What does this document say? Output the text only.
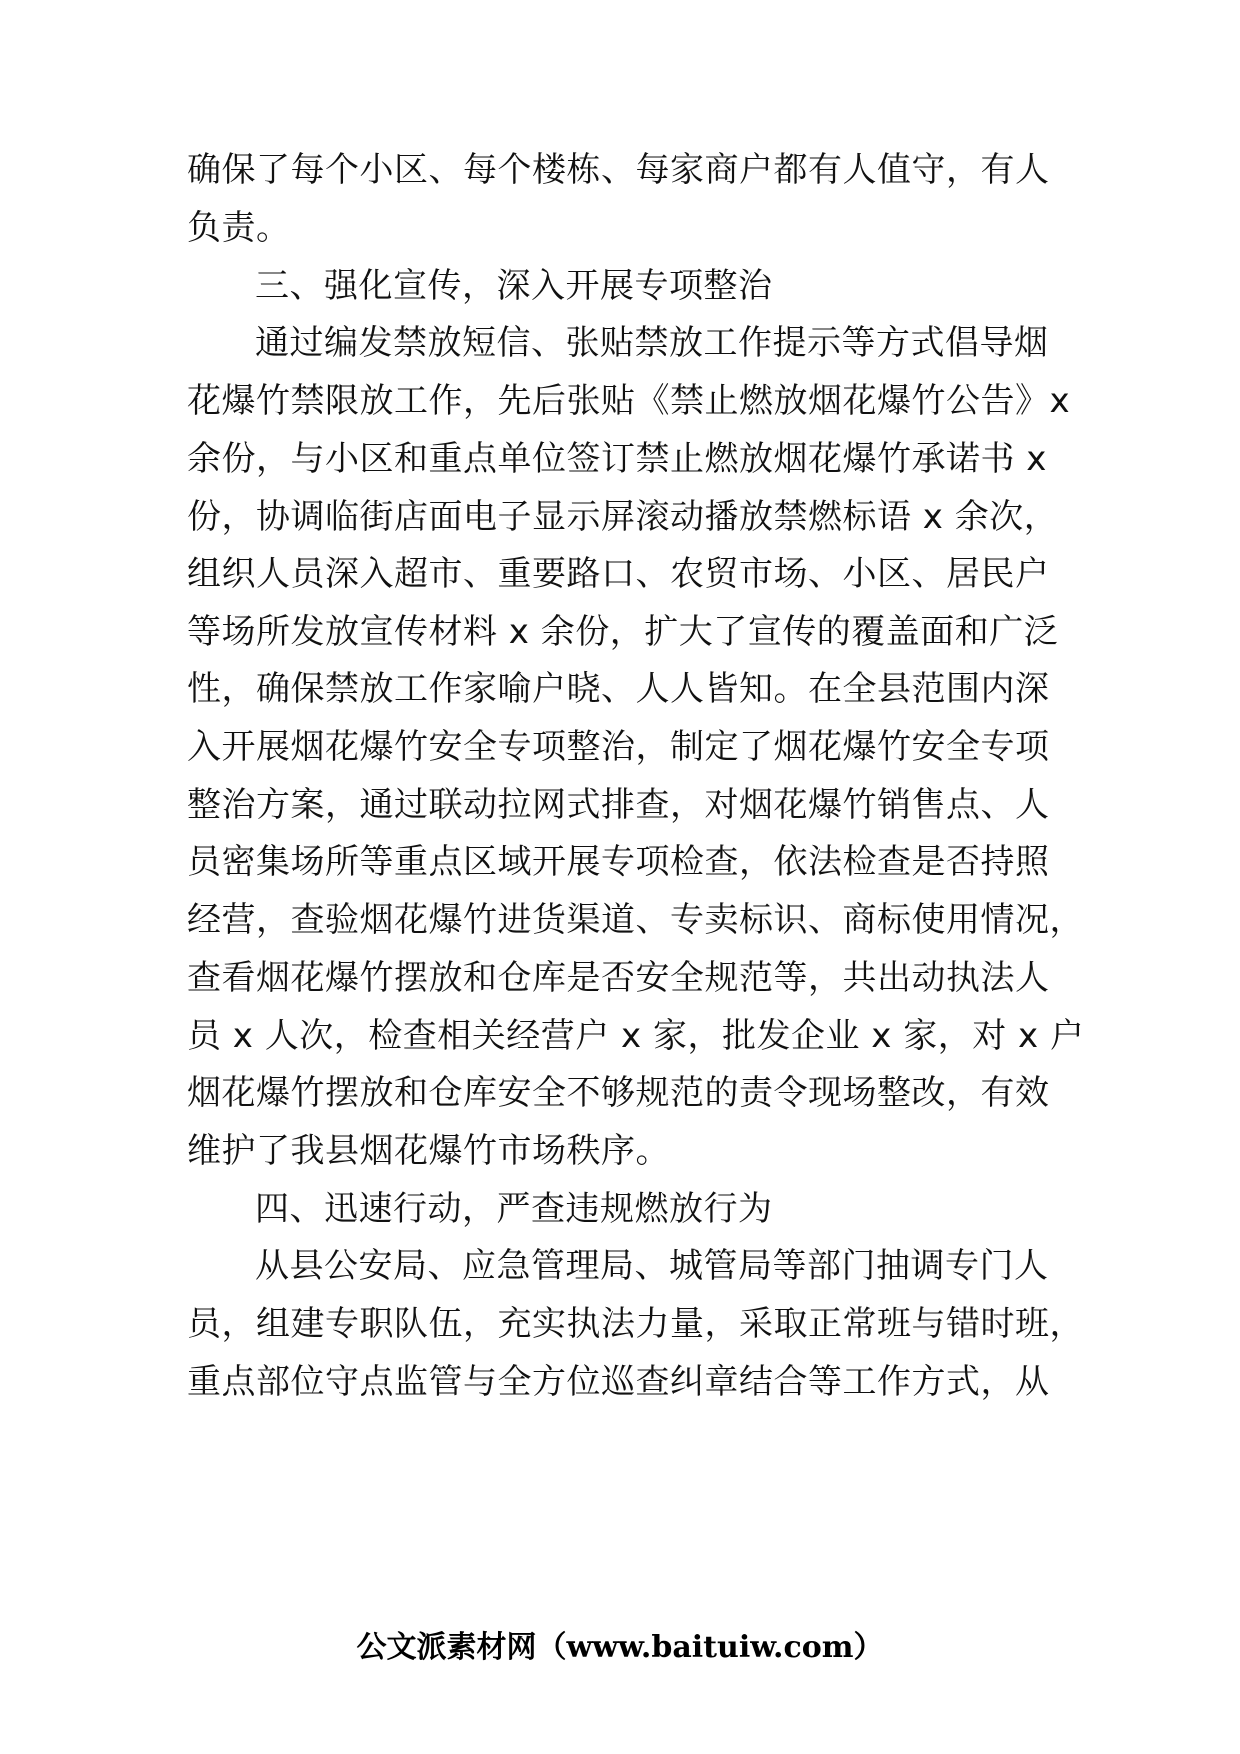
确保了每个小区、每个楼栋、每家商户都有人值守，有人
负责。
三、强化宣传，深入开展专项整治
通过编发禁放短信、张贴禁放工作提示等方式倡导烟
花爆竹禁限放工作，先后张贴《禁止燃放烟花爆竹公告》x
余份，与小区和重点单位签订禁止燃放烟花爆竹承诺书 x
份，协调临街店面电子显示屏滚动播放禁燃标语 x 余次，
组织人员深入超市、重要路口、农贸市场、小区、居民户
等场所发放宣传材料 x 余份，扩大了宣传的覆盖面和广泛
性，确保禁放工作家喻户晓、人人皆知。在全县范围内深
入开展烟花爆竹安全专项整治，制定了烟花爆竹安全专项
整治方案，通过联动拉网式排查，对烟花爆竹销售点、人
员密集场所等重点区域开展专项检查，依法检查是否持照
经营，查验烟花爆竹进货渠道、专卖标识、商标使用情况，
查看烟花爆竹摆放和仓库是否安全规范等，共出动执法人
员 x 人次，检查相关经营户 x 家，批发企业 x 家，对 x 户
烟花爆竹摆放和仓库安全不够规范的责令现场整改，有效
维护了我县烟花爆竹市场秩序。
四、迅速行动，严查违规燃放行为
从县公安局、应急管理局、城管局等部门抽调专门人
员，组建专职队伍，充实执法力量，采取正常班与错时班，
重点部位守点监管与全方位巡查纠章结合等工作方式，从
公文派素材网（www.baituiw.com）
